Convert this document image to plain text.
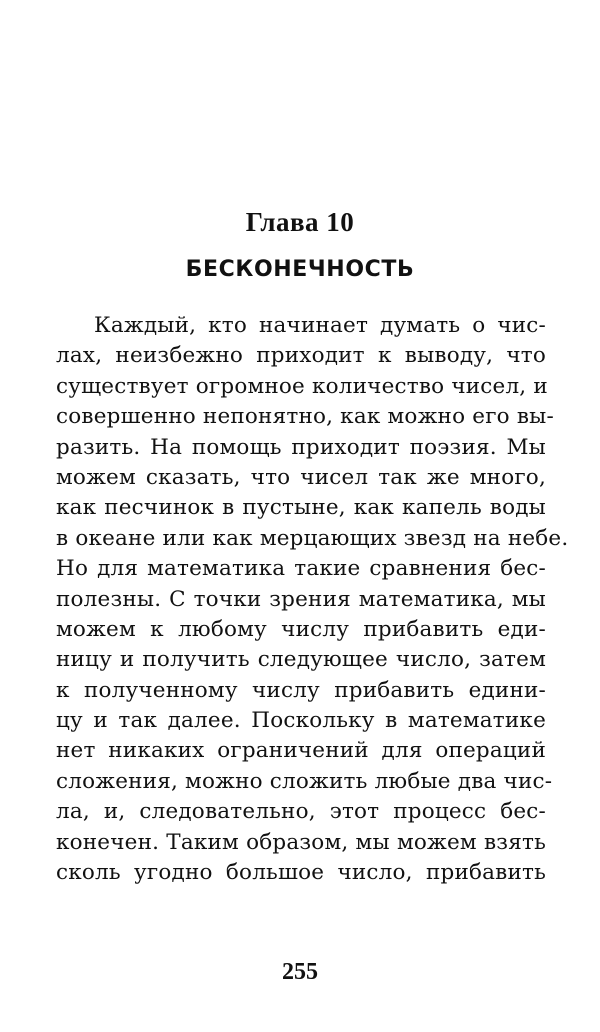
Глава 10
БЕСКОНЕЧНОСТЬ
Каждый, кто начинает думать о чис-
лах, неизбежно приходит к выводу, что
существует огромное количество чисел, и
совершенно непонятно, как можно его вы-
разить. На помощь приходит поэзия. Мы
можем сказать, что чисел так же много,
как песчинок в пустыне, как капель воды
в океане или как мерцающих звезд на небе.
Но для математика такие сравнения бес-
полезны. С точки зрения математика, мы
можем к любому числу прибавить еди-
ницу и получить следующее число, затем
к полученному числу прибавить едини-
цу и так далее. Поскольку в математике
нет никаких ограничений для операций
сложения, можно сложить любые два чис-
ла, и, следовательно, этот процесс бес-
конечен. Таким образом, мы можем взять
сколь угодно большое число, прибавить
255
